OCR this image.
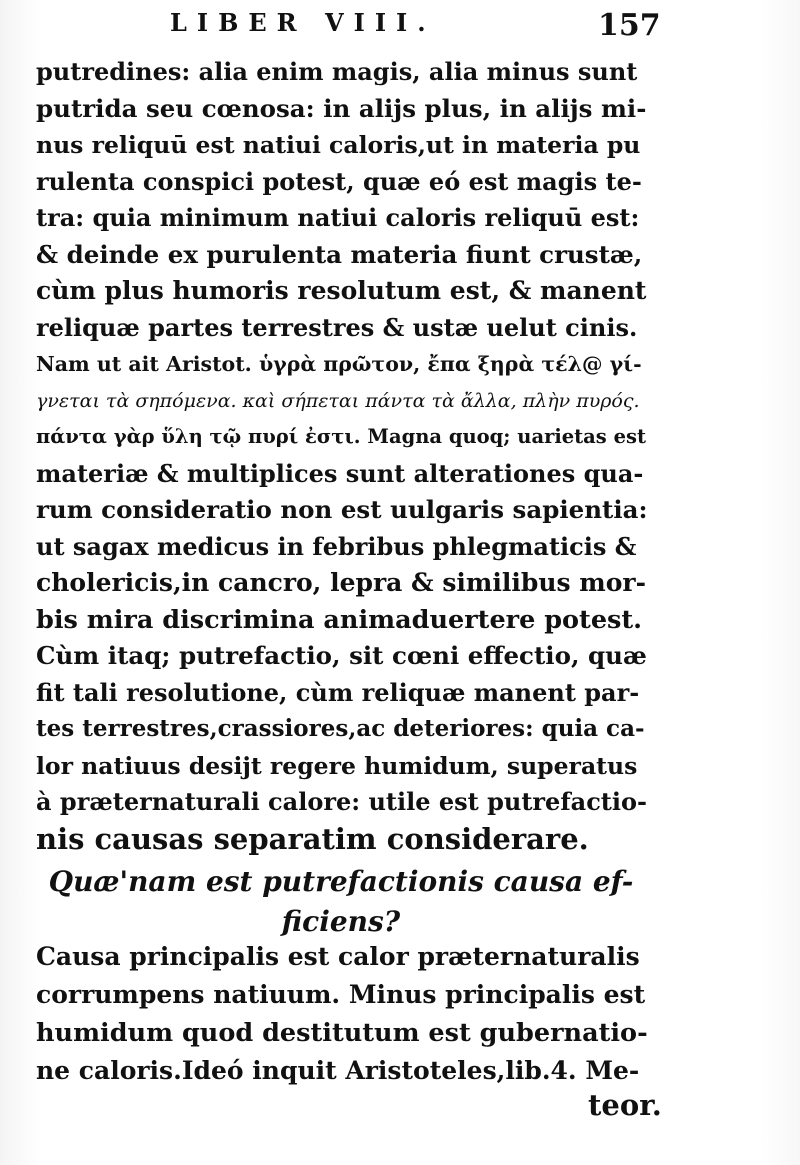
LIBER VIII.	157
putredines: alia enim magis, alia minus sunt
putrida seu cœnosa: in aliјs plus, in aliјs mi-
nus reliquū est natiui caloris,ut in materia pu
rulenta conspici potest, quæ eó est magis te-
tra: quia minimum natiui caloris reliquū est:
& deinde ex purulenta materia fiunt crustæ,
cùm plus humoris resolutum est, & manent
reliquæ partes terrestres & ustæ uelut cinis.
Nam ut ait Aristot. ὑγρὰ πρῶτον, ἔπα ξηρὰ τέλ@ γί-
γνεται τὰ σηπόμενα. καὶ σήπεται πάντα τὰ ἄλλα, πλὴν πυρός.
πάντα γὰρ ὕλη τῷ πυρί ἐστι. Magna quoq; uarietas est
materiæ & multiplices sunt alterationes qua-
rum consideratio non est uulgaris sapientia:
ut sagax medicus in febribus phlegmaticis &
cholericis,in cancro, lepra & similibus mor-
bis mira discrimina animaduertere potest.
Cùm itaq; putrefactio, sit cœni effectio, quæ
fit tali resolutione, cùm reliquæ manent par-
tes terrestres,crassiores,ac deteriores: quia ca-
lor natiuus desiјt regere humidum, superatus
à præternaturali calore: utile est putrefactio-
nis causas separatim considerare.
Quæ'nam est putrefactionis causa ef-
ficiens?
Causa principalis est calor præternaturalis
corrumpens natiuum. Minus principalis est
humidum quod destitutum est gubernatio-
ne caloris.Ideó inquit Aristoteles,lib.4. Me-
teor.
